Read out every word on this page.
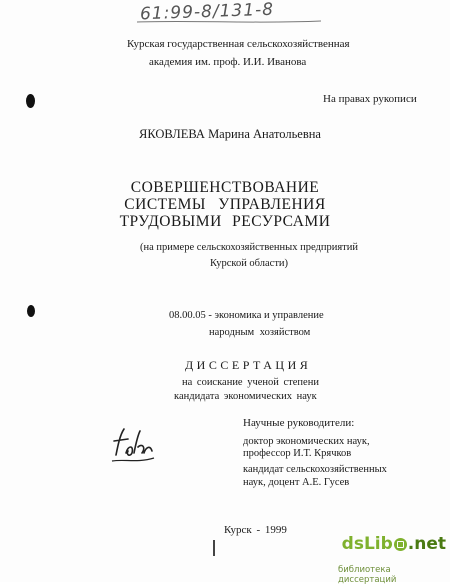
61:99-8/131-8
Курская государственная сельскохозяйственная
академия им. проф. И.И. Иванова
На правах рукописи
ЯКОВЛЕВА Марина Анатольевна
СОВЕРШЕНСТВОВАНИЕ
СИСТЕМЫ УПРАВЛЕНИЯ
ТРУДОВЫМИ РЕСУРСАМИ
(на примере сельскохозяйственных предприятий
Курской области)
08.00.05 - экономика и управление
народным хозяйством
ДИССЕРТАЦИЯ
на соискание ученой степени
кандидата экономических наук
Научные руководители:
доктор экономических наук,
профессор И.Т. Крячков
кандидат сельскохозяйственных
наук, доцент А.Е. Гусев
Курск - 1999
dsLib .net
библиотека диссертаций
